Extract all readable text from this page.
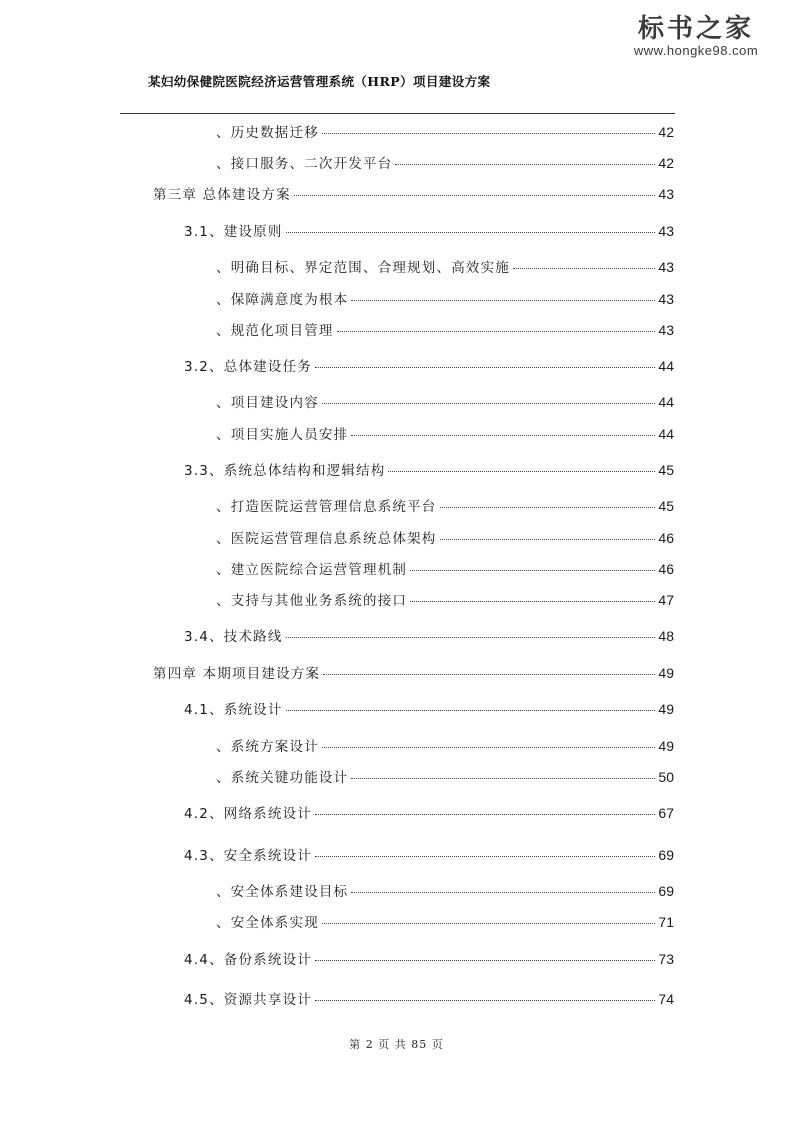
标书之家
www.hongke98.com
某妇幼保健院医院经济运营管理系统（HRP）项目建设方案
、历史数据迁移	42
、接口服务、二次开发平台	42
第三章 总体建设方案	43
3.1、建设原则	43
、明确目标、界定范围、合理规划、高效实施	43
、保障满意度为根本	43
、规范化项目管理	43
3.2、总体建设任务	44
、项目建设内容	44
、项目实施人员安排	44
3.3、系统总体结构和逻辑结构	45
、打造医院运营管理信息系统平台	45
、医院运营管理信息系统总体架构	46
、建立医院综合运营管理机制	46
、支持与其他业务系统的接口	47
3.4、技术路线	48
第四章 本期项目建设方案	49
4.1、系统设计	49
、系统方案设计	49
、系统关键功能设计	50
4.2、网络系统设计	67
4.3、安全系统设计	69
、安全体系建设目标	69
、安全体系实现	71
4.4、备份系统设计	73
4.5、资源共享设计	74
第 2 页 共 85 页
